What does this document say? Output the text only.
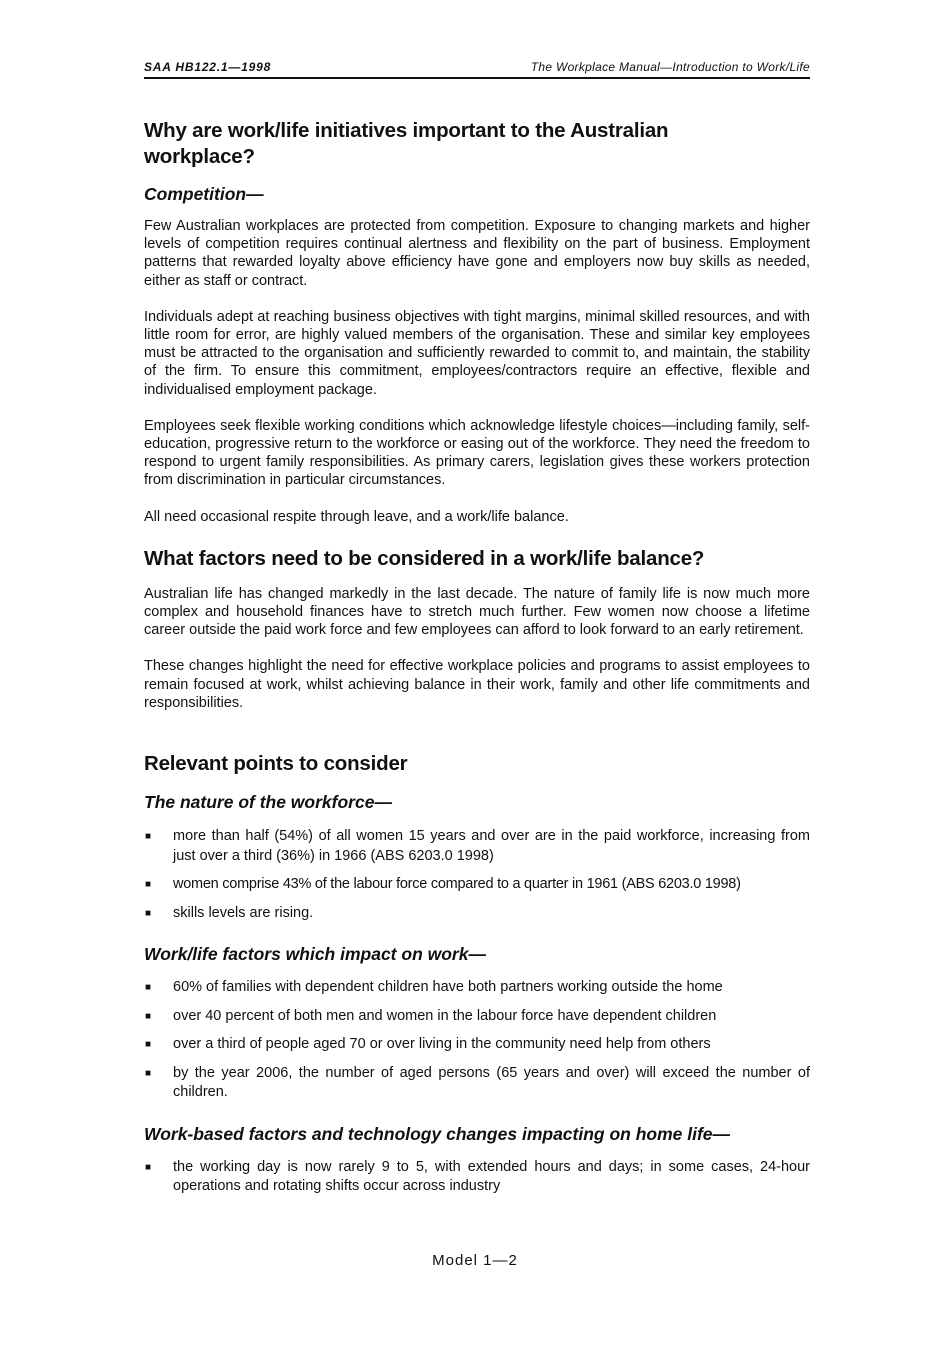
SAA HB122.1—1998	The Workplace Manual—Introduction to Work/Life
Why are work/life initiatives important to the Australian workplace?
Competition—

Few Australian workplaces are protected from competition. Exposure to changing markets and higher levels of competition requires continual alertness and flexibility on the part of business. Employment patterns that rewarded loyalty above efficiency have gone and employers now buy skills as needed, either as staff or contract.

Individuals adept at reaching business objectives with tight margins, minimal skilled resources, and with little room for error, are highly valued members of the organisation. These and similar key employees must be attracted to the organisation and sufficiently rewarded to commit to, and maintain, the stability of the firm. To ensure this commitment, employees/contractors require an effective, flexible and individualised employment package.

Employees seek flexible working conditions which acknowledge lifestyle choices—including family, self-education, progressive return to the workforce or easing out of the workforce. They need the freedom to respond to urgent family responsibilities. As primary carers, legislation gives these workers protection from discrimination in particular circumstances.

All need occasional respite through leave, and a work/life balance.

What factors need to be considered in a work/life balance?

Australian life has changed markedly in the last decade. The nature of family life is now much more complex and household finances have to stretch much further. Few women now choose a lifetime career outside the paid work force and few employees can afford to look forward to an early retirement.

These changes highlight the need for effective workplace policies and programs to assist employees to remain focused at work, whilst achieving balance in their work, family and other life commitments and responsibilities.

Relevant points to consider
The nature of the workforce—
■	more than half (54%) of all women 15 years and over are in the paid workforce, increasing from just over a third (36%) in 1966 (ABS 6203.0 1998)
■	women comprise 43% of the labour force compared to a quarter in 1961 (ABS 6203.0 1998)
■	skills levels are rising.
Work/life factors which impact on work—
■	60% of families with dependent children have both partners working outside the home
■	over 40 percent of both men and women in the labour force have dependent children
■	over a third of people aged 70 or over living in the community need help from others
■	by the year 2006, the number of aged persons (65 years and over) will exceed the number of children.
Work-based factors and technology changes impacting on home life—
■	the working day is now rarely 9 to 5, with extended hours and days; in some cases, 24-hour operations and rotating shifts occur across industry
Model 1—2
